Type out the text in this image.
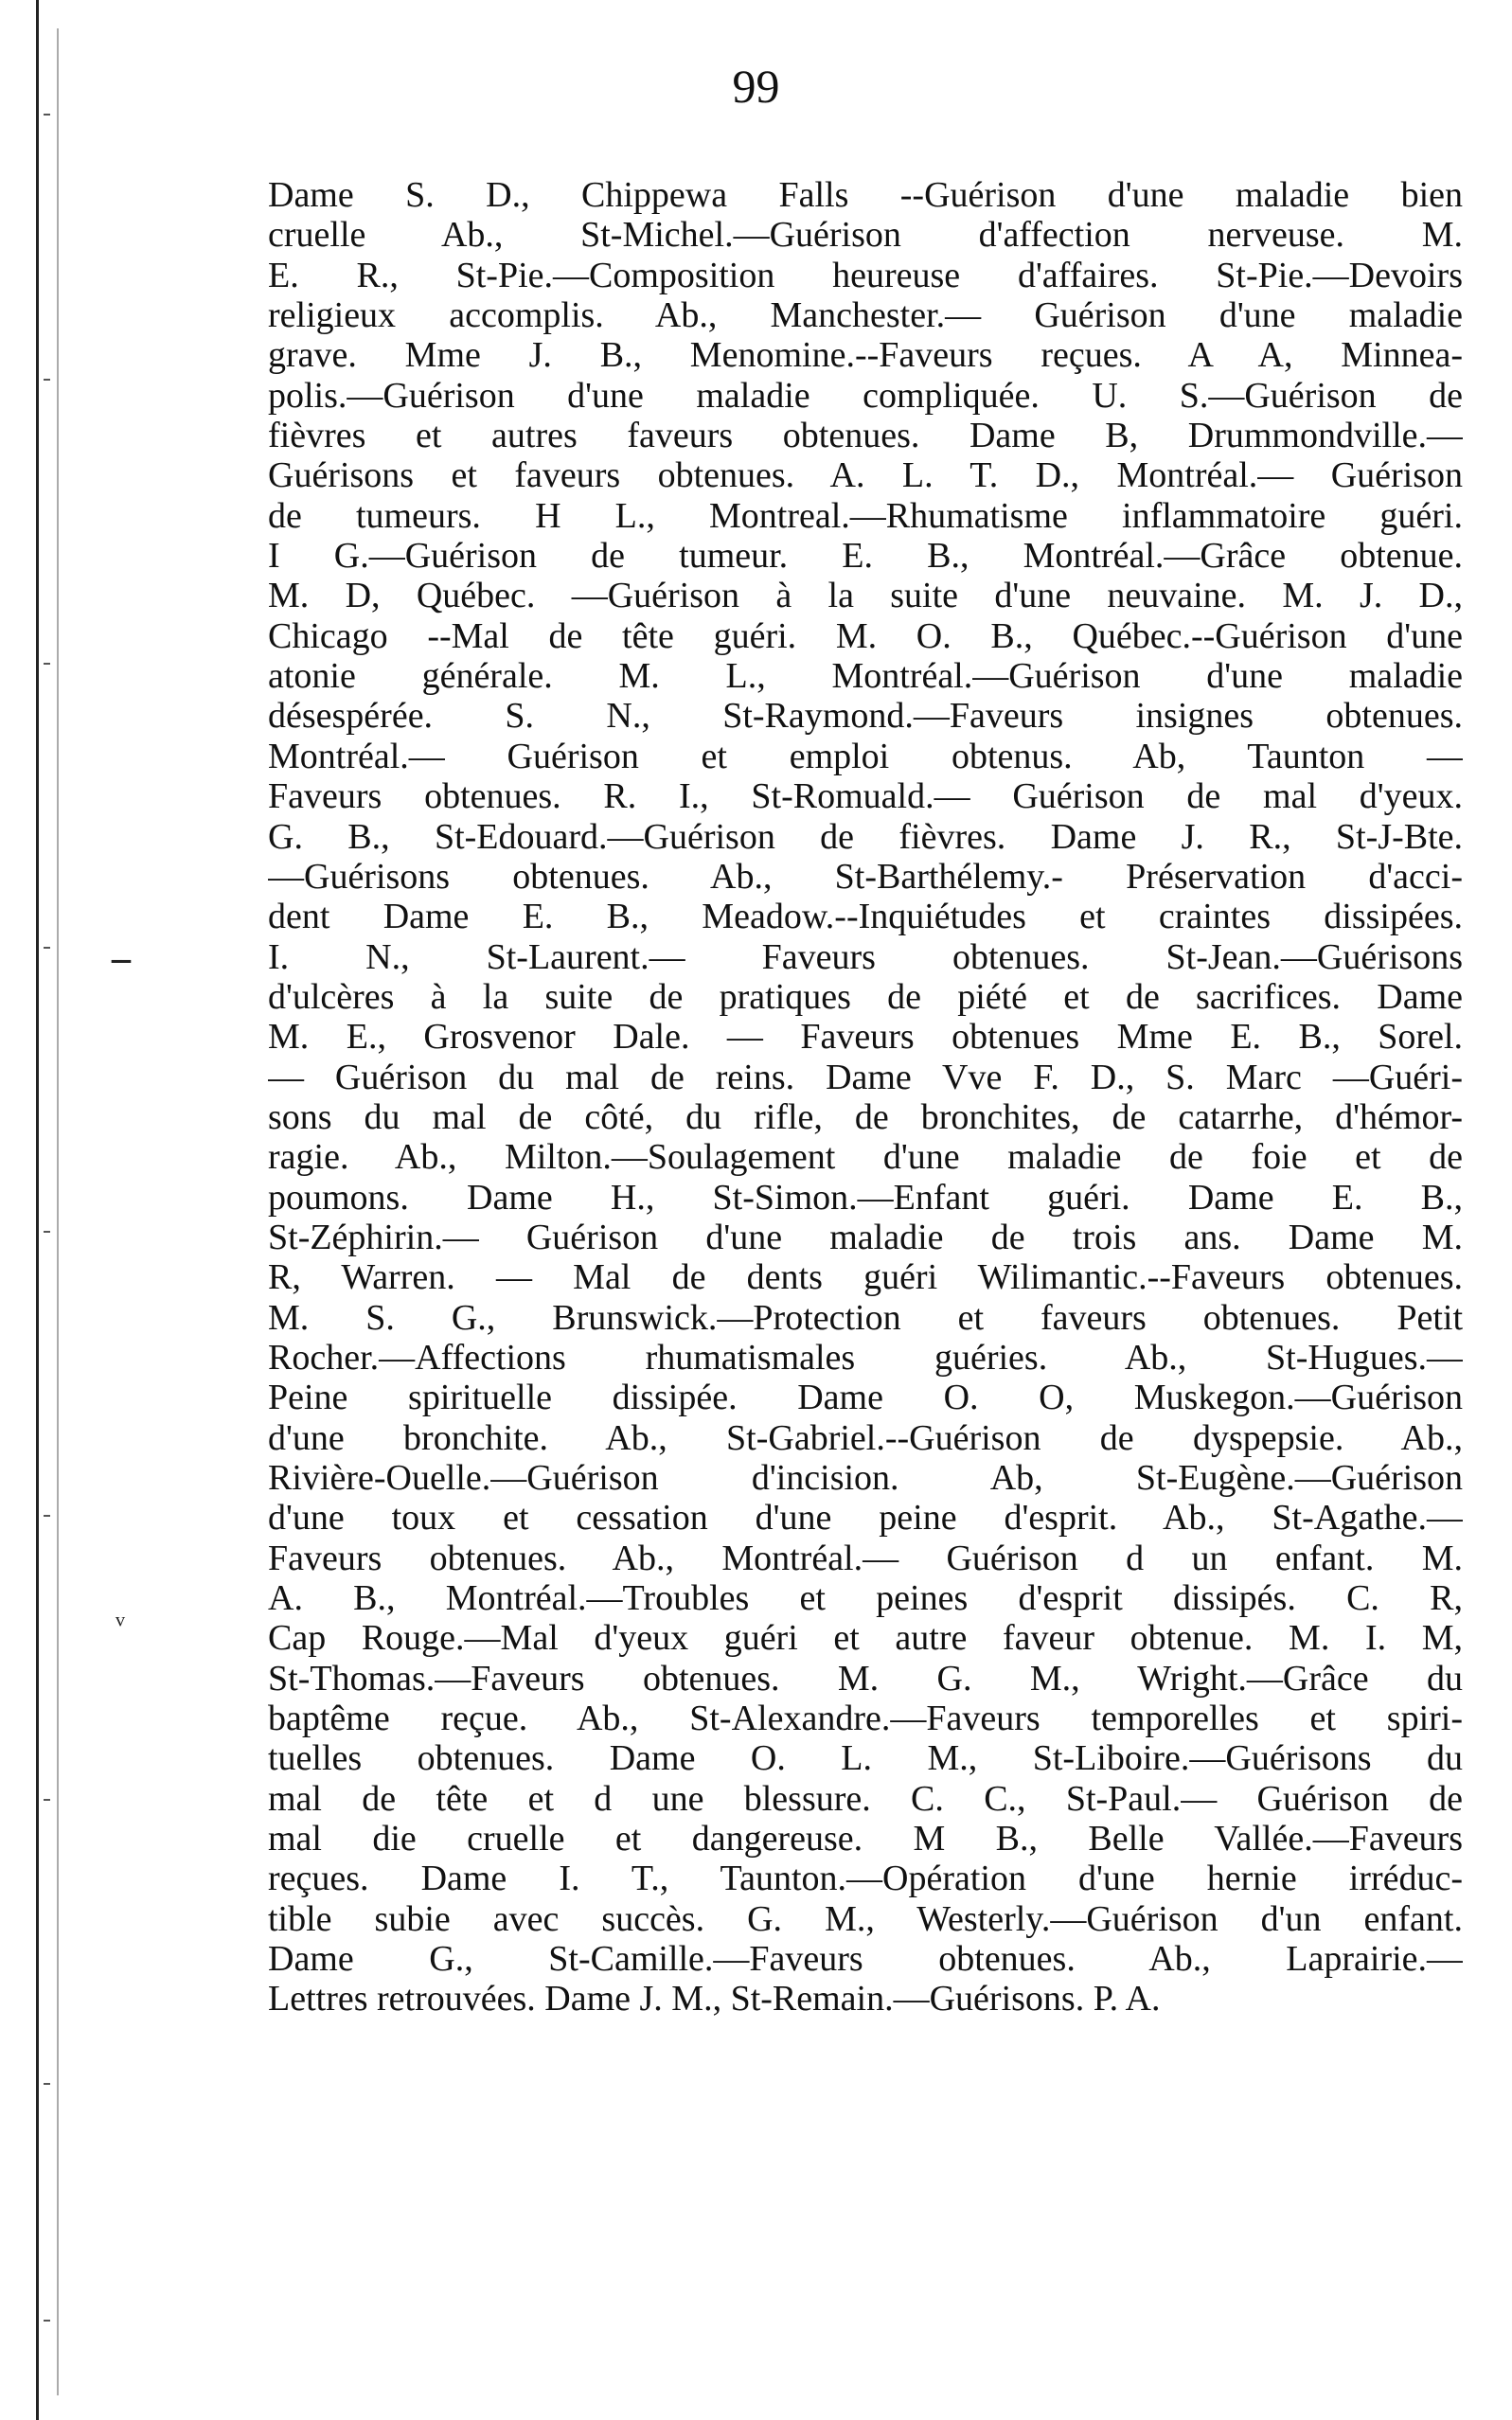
ــ
ᵛ
99
Dame S. D., Chippewa Falls --Guérison d'une maladie bien
cruelle Ab., St-Michel.—Guérison d'affection nerveuse. M.
E. R., St-Pie.—Composition heureuse d'affaires. St-Pie.—Devoirs
religieux accomplis. Ab., Manchester.— Guérison d'une maladie
grave. Mme J. B., Menomine.--Faveurs reçues. A A, Minnea-
polis.—Guérison d'une maladie compliquée. U. S.—Guérison de
fièvres et autres faveurs obtenues. Dame B, Drummondville.—
Guérisons et faveurs obtenues. A. L. T. D., Montréal.— Guérison
de tumeurs. H L., Montreal.—Rhumatisme inflammatoire guéri.
I G.—Guérison de tumeur. E. B., Montréal.—Grâce obtenue.
M. D, Québec. —Guérison à la suite d'une neuvaine. M. J. D.,
Chicago --Mal de tête guéri. M. O. B., Québec.--Guérison d'une
atonie générale. M. L., Montréal.—Guérison d'une maladie
désespérée. S. N., St-Raymond.—Faveurs insignes obtenues.
Montréal.— Guérison et emploi obtenus. Ab, Taunton —
Faveurs obtenues. R. I., St-Romuald.— Guérison de mal d'yeux.
G. B., St-Edouard.—Guérison de fièvres. Dame J. R., St-J-Bte.
—Guérisons obtenues. Ab., St-Barthélemy.- Préservation d'acci-
dent Dame E. B., Meadow.--Inquiétudes et craintes dissipées.
I. N., St-Laurent.— Faveurs obtenues. St-Jean.—Guérisons
d'ulcères à la suite de pratiques de piété et de sacrifices. Dame
M. E., Grosvenor Dale. — Faveurs obtenues Mme E. B., Sorel.
— Guérison du mal de reins. Dame Vve F. D., S. Marc —Guéri-
sons du mal de côté, du rifle, de bronchites, de catarrhe, d'hémor-
ragie. Ab., Milton.—Soulagement d'une maladie de foie et de
poumons. Dame H., St-Simon.—Enfant guéri. Dame E. B.,
St-Zéphirin.— Guérison d'une maladie de trois ans. Dame M.
R, Warren. — Mal de dents guéri Wilimantic.--Faveurs obtenues.
M. S. G., Brunswick.—Protection et faveurs obtenues. Petit
Rocher.—Affections rhumatismales guéries. Ab., St-Hugues.—
Peine spirituelle dissipée. Dame O. O, Muskegon.—Guérison
d'une bronchite. Ab., St-Gabriel.--Guérison de dyspepsie. Ab.,
Rivière-Ouelle.—Guérison d'incision. Ab, St-Eugène.—Guérison
d'une toux et cessation d'une peine d'esprit. Ab., St-Agathe.—
Faveurs obtenues. Ab., Montréal.— Guérison d un enfant. M.
A. B., Montréal.—Troubles et peines d'esprit dissipés. C. R,
Cap Rouge.—Mal d'yeux guéri et autre faveur obtenue. M. I. M,
St-Thomas.—Faveurs obtenues. M. G. M., Wright.—Grâce du
baptême reçue. Ab., St-Alexandre.—Faveurs temporelles et spiri-
tuelles obtenues. Dame O. L. M., St-Liboire.—Guérisons du
mal de tête et d une blessure. C. C., St-Paul.— Guérison de
mal die cruelle et dangereuse. M B., Belle Vallée.—Faveurs
reçues. Dame I. T., Taunton.—Opération d'une hernie irréduc-
tible subie avec succès. G. M., Westerly.—Guérison d'un enfant.
Dame G., St-Camille.—Faveurs obtenues. Ab., Laprairie.—
Lettres retrouvées. Dame J. M., St-Remain.—Guérisons. P. A.
